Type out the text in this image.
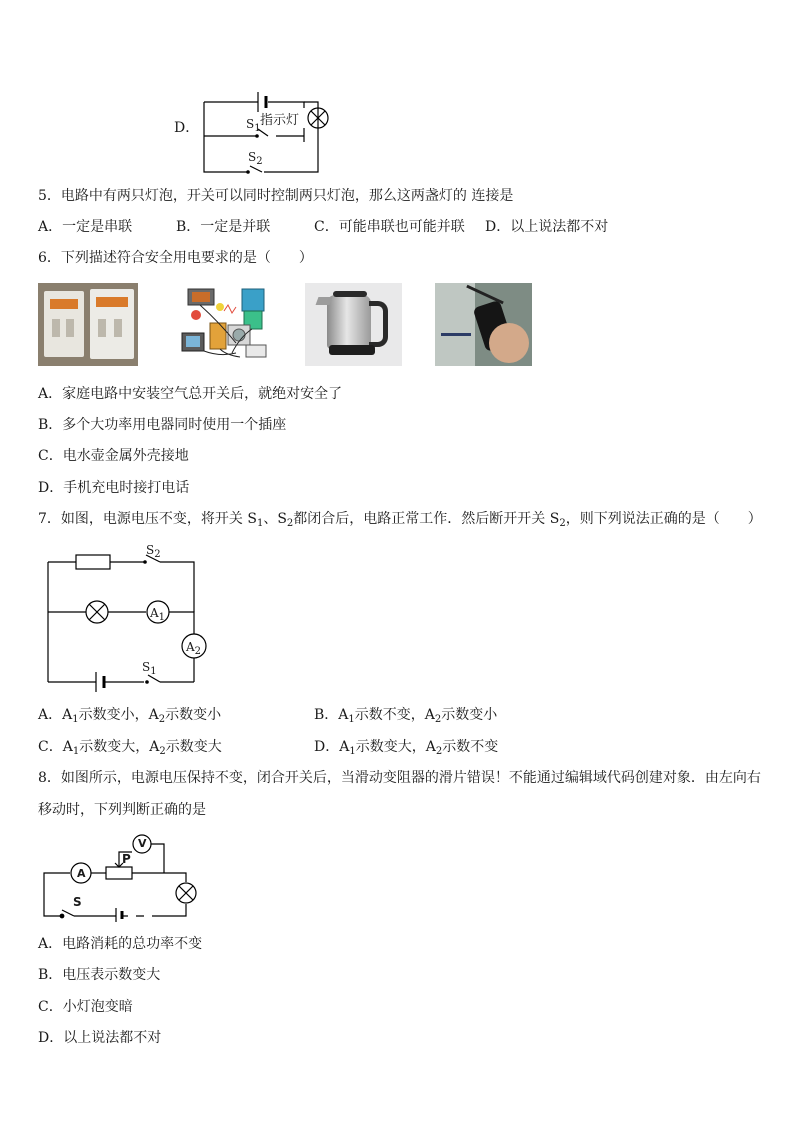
D．	$S_1$
指示灯
$S_2$
5．电路中有两只灯泡，开关可以同时控制两只灯泡，那么这两盏灯的 连接是
A．一定是串联	B．一定是并联	C．可能串联也可能并联 D．以上说法都不对
6．下列描述符合安全用电要求的是（　　）
A．家庭电路中安装空气总开关后，就绝对安全了
B．多个大功率用电器同时使用一个插座
C．电水壶金属外壳接地
D．手机充电时接打电话
7．如图，电源电压不变，将开关 $S_1$、$S_2$都闭合后，电路正常工作．然后断开开关 $S_2$，则下列说法正确的是（　　）
$S_2$
$A_1$
$A_2$
$S_1$
A．$A_1$示数变小，$A_2$示数变小	B．$A_1$示数不变，$A_2$示数变小
C．$A_1$示数变大，$A_2$示数变大	D．$A_1$示数变大，$A_2$示数不变
8．如图所示，电源电压保持不变，闭合开关后，当滑动变阻器的滑片错误！不能通过编辑域代码创建对象．由左向右
移动时，下列判断正确的是
A
V
P
S
A．电路消耗的总功率不变
B．电压表示数变大
C．小灯泡变暗
D．以上说法都不对
